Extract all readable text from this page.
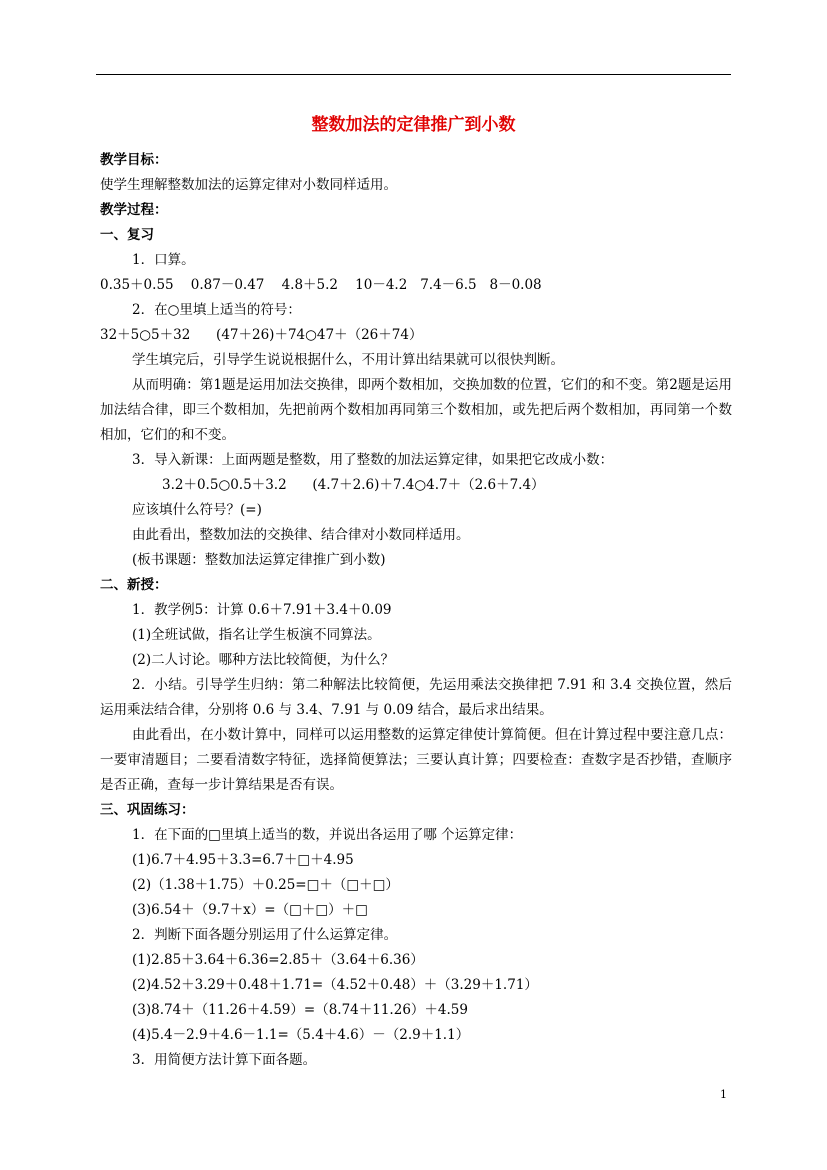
整数加法的定律推广到小数
教学目标：
使学生理解整数加法的运算定律对小数同样适用。
教学过程：
一、复习
1．口算。
0.35＋0.55    0.87－0.47    4.8＋5.2    10－4.2   7.4－6.5   8－0.08
2．在○里填上适当的符号：
32＋5○5＋32      (47＋26)＋74○47＋（26＋74）
学生填完后，引导学生说说根据什么，不用计算出结果就可以很快判断。
从而明确：第1题是运用加法交换律，即两个数相加，交换加数的位置，它们的和不变。第2题是运用加法结合律，即三个数相加，先把前两个数相加再同第三个数相加，或先把后两个数相加，再同第一个数相加，它们的和不变。
3．导入新课：上面两题是整数，用了整数的加法运算定律，如果把它改成小数：
3.2＋0.5○0.5＋3.2      (4.7＋2.6)＋7.4○4.7＋（2.6＋7.4）
应该填什么符号？(=)
由此看出，整数加法的交换律、结合律对小数同样适用。
(板书课题：整数加法运算定律推广到小数)
二、新授：
1．教学例5：计算 0.6＋7.91＋3.4＋0.09
(1)全班试做，指名让学生板演不同算法。
(2)二人讨论。哪种方法比较简便，为什么？
2．小结。引导学生归纳：第二种解法比较简便，先运用乘法交换律把 7.91 和 3.4 交换位置，然后运用乘法结合律，分别将 0.6 与 3.4、7.91 与 0.09 结合，最后求出结果。
由此看出，在小数计算中，同样可以运用整数的运算定律使计算简便。但在计算过程中要注意几点：一要审清题目；二要看清数字特征，选择简便算法；三要认真计算；四要检查：查数字是否抄错，查顺序是否正确，查每一步计算结果是否有误。
三、巩固练习：
1．在下面的□里填上适当的数，并说出各运用了哪 个运算定律：
(1)6.7＋4.95＋3.3=6.7＋□＋4.95
(2)（1.38＋1.75）＋0.25=□＋（□＋□）
(3)6.54＋（9.7＋x）=（□＋□）＋□
2．判断下面各题分别运用了什么运算定律。
(1)2.85＋3.64＋6.36=2.85＋（3.64＋6.36）
(2)4.52＋3.29＋0.48＋1.71=（4.52＋0.48）＋（3.29＋1.71）
(3)8.74＋（11.26＋4.59）=（8.74＋11.26）＋4.59
(4)5.4－2.9＋4.6－1.1=（5.4＋4.6）－（2.9＋1.1）
3．用简便方法计算下面各题。
1
